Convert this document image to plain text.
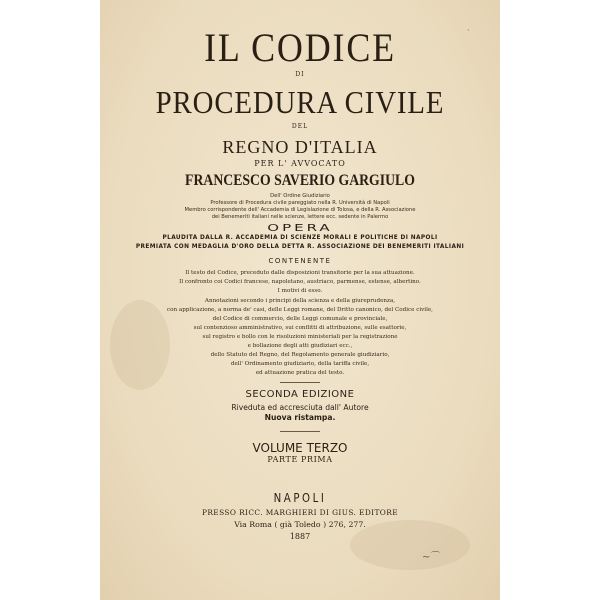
·
~⌒
IL CODICE
DI
PROCEDURA CIVILE
DEL
REGNO D'ITALIA
PER L' AVVOCATO
FRANCESCO SAVERIO GARGIULO
Dell' Ordine Giudiziario
Professore di Procedura civile pareggiato nella R. Università di Napoli
Membro corrispondente dell' Accademia di Legislazione di Tolosa, e della R. Associazione
dei Benemeriti italiani nelle scienze, lettere ecc. sedente in Palermo
OPERA
PLAUDITA DALLA R. ACCADEMIA DI SCIENZE MORALI E POLITICHE DI NAPOLI
PREMIATA CON MEDAGLIA D'ORO DELLA DETTA R. ASSOCIAZIONE DEI BENEMERITI ITALIANI
CONTENENTE
Il testo del Codice, preceduto dalle disposizioni transitorie per la sua attuazione.
Il confronto coi Codici francese, napoletano, austriaco, parmense, estense, albertino.
I motivi di esso.
Annotazioni secondo i principi della scienza e della giureprudenza,
con applicazione, a norma de' casi, delle Leggi romane, del Dritto canonico, del Codice civile,
del Codice di commercio, delle Leggi comunale e provinciale,
sul contenzioso amministrativo, sui conflitti di attribuzione, sulle esattorie,
sul registro e bollo con le risoluzioni ministeriali per la registrazione
e bollazione degli atti giudiziari ecc.,
dello Statuto del Regno, del Regolamento generale giudiziario,
dell' Ordinamento giudiziario, della tariffa civile,
ed attuazione pratica del testo.
SECONDA EDIZIONE
Riveduta ed accresciuta dall' Autore
Nuova ristampa.
VOLUME TERZO
PARTE PRIMA
NAPOLI
PRESSO RICC. MARGHIERI DI GIUS. EDITORE
Via Roma ( già Toledo ) 276, 277.
1887
